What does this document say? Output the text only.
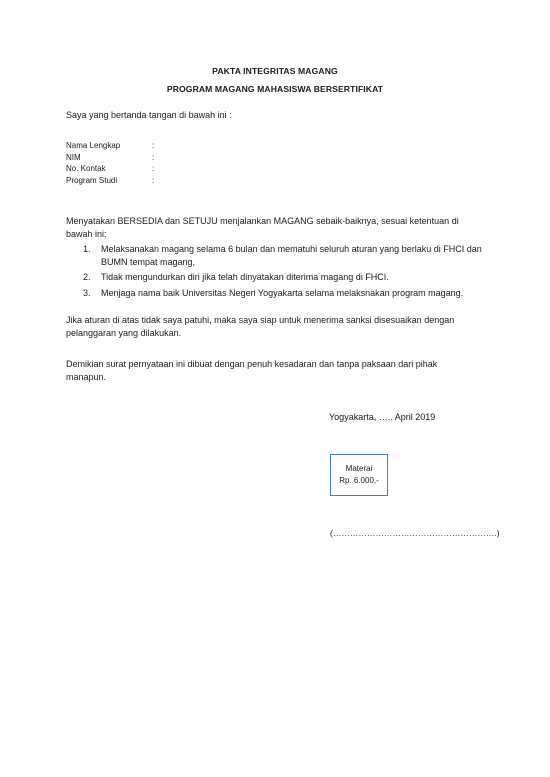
PAKTA INTEGRITAS MAGANG
PROGRAM MAGANG MAHASISWA BERSERTIFIKAT
Saya yang bertanda tangan di bawah ini :
Nama Lengkap	:
NIM	:
No. Kontak	:
Program Studi	:
Menyatakan BERSEDIA dan SETUJU menjalankan MAGANG sebaik-baiknya, sesuai ketentuan di bawah ini:
1. Melaksanakan magang selama 6 bulan dan mematuhi seluruh aturan yang berlaku di FHCI dan BUMN tempat magang,
2. Tidak mengundurkan diri jika telah dinyatakan diterima magang di FHCI.
3. Menjaga nama baik Universitas Negeri Yogyakarta selama melaksnakan program magang.
Jika aturan di atas tidak saya patuhi, maka saya siap untuk menerima sanksi disesuaikan dengan pelanggaran yang dilakukan.
Demikian surat pernyataan ini dibuat dengan penuh kesadaran dan tanpa paksaan dari pihak manapun.
Yogyakarta, ….. April 2019
Materai
Rp. 6.000,-
(………………………………………………….)
